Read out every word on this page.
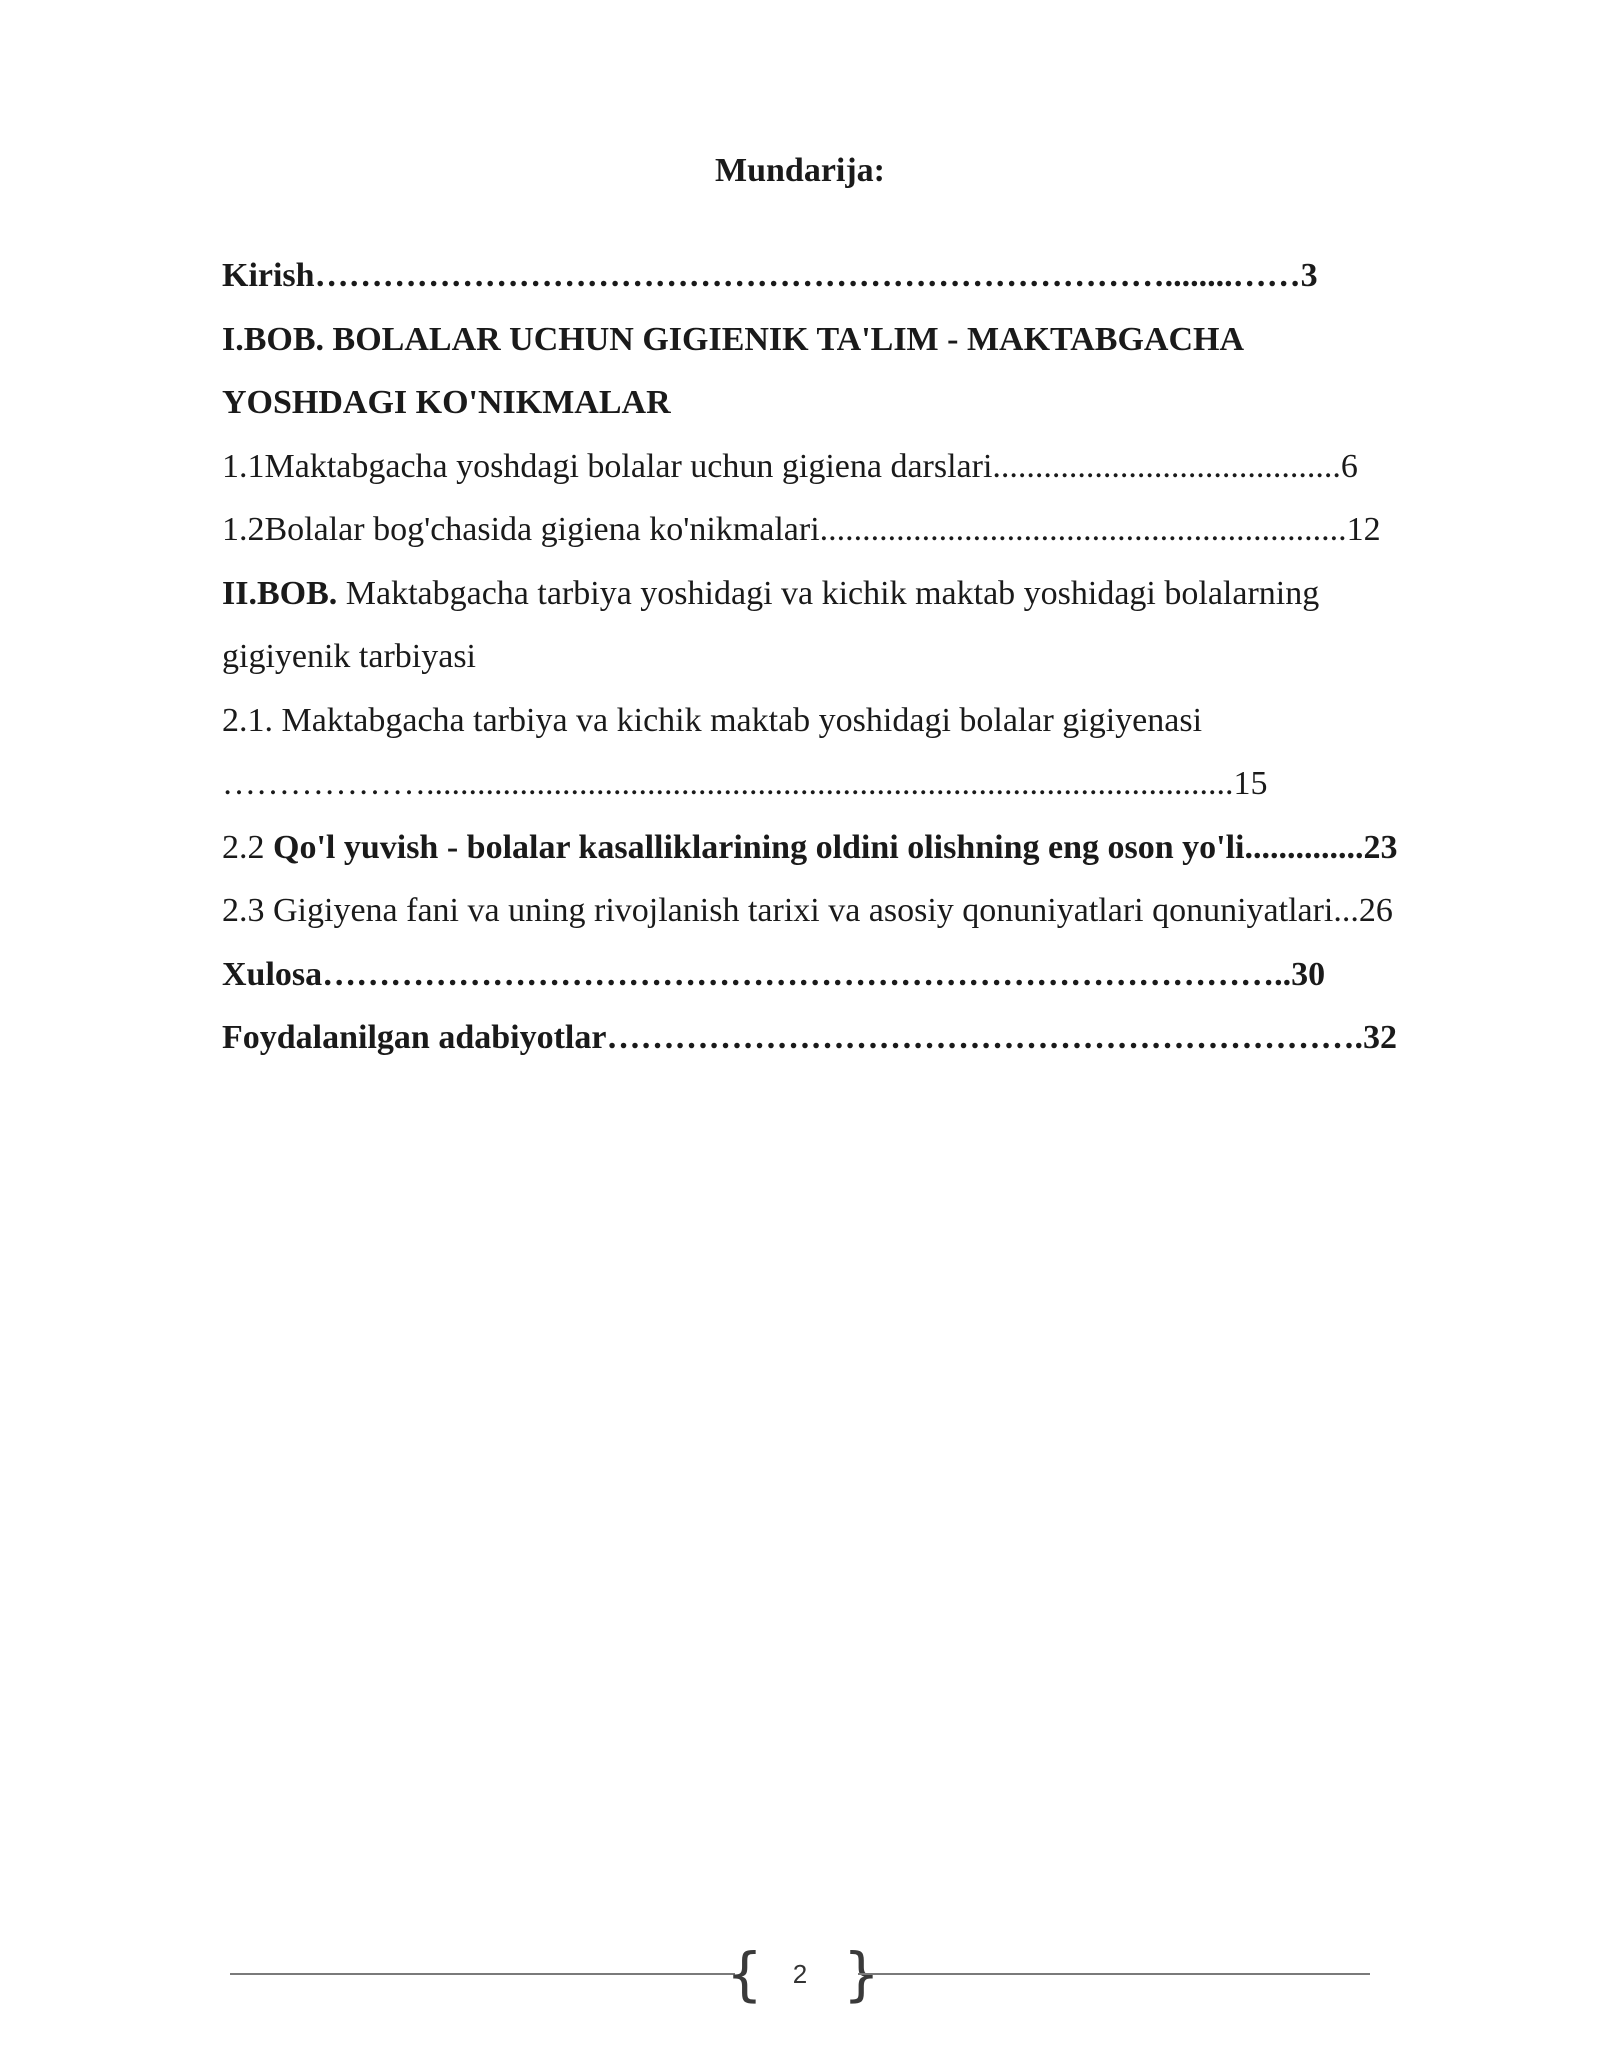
Mundarija:
Kirish…………………………………………………………………........……3
I.BOB. BOLALAR UCHUN GIGIENIK TA'LIM - MAKTABGACHA
YOSHDAGI KO'NIKMALAR
1.1Maktabgacha yoshdagi bolalar uchun gigiena darslari.........................................6
1.2Bolalar bog'chasida gigiena ko'nikmalari..............................................................12
II.BOB. Maktabgacha tarbiya yoshidagi va kichik maktab yoshidagi bolalarning
gigiyenik tarbiyasi
2.1. Maktabgacha tarbiya va kichik maktab yoshidagi bolalar gigiyenasi
………………...............................................................................................15
2.2 Qo'l yuvish - bolalar kasalliklarining oldini olishning eng oson yo'li..............23
2.3 Gigiyena fani va uning rivojlanish tarixi va asosiy qonuniyatlari qonuniyatlari...26
Xulosa…………………………………………………………………………..30
Foydalanilgan adabiyotlar………………………………………………………….32
{	2 }
